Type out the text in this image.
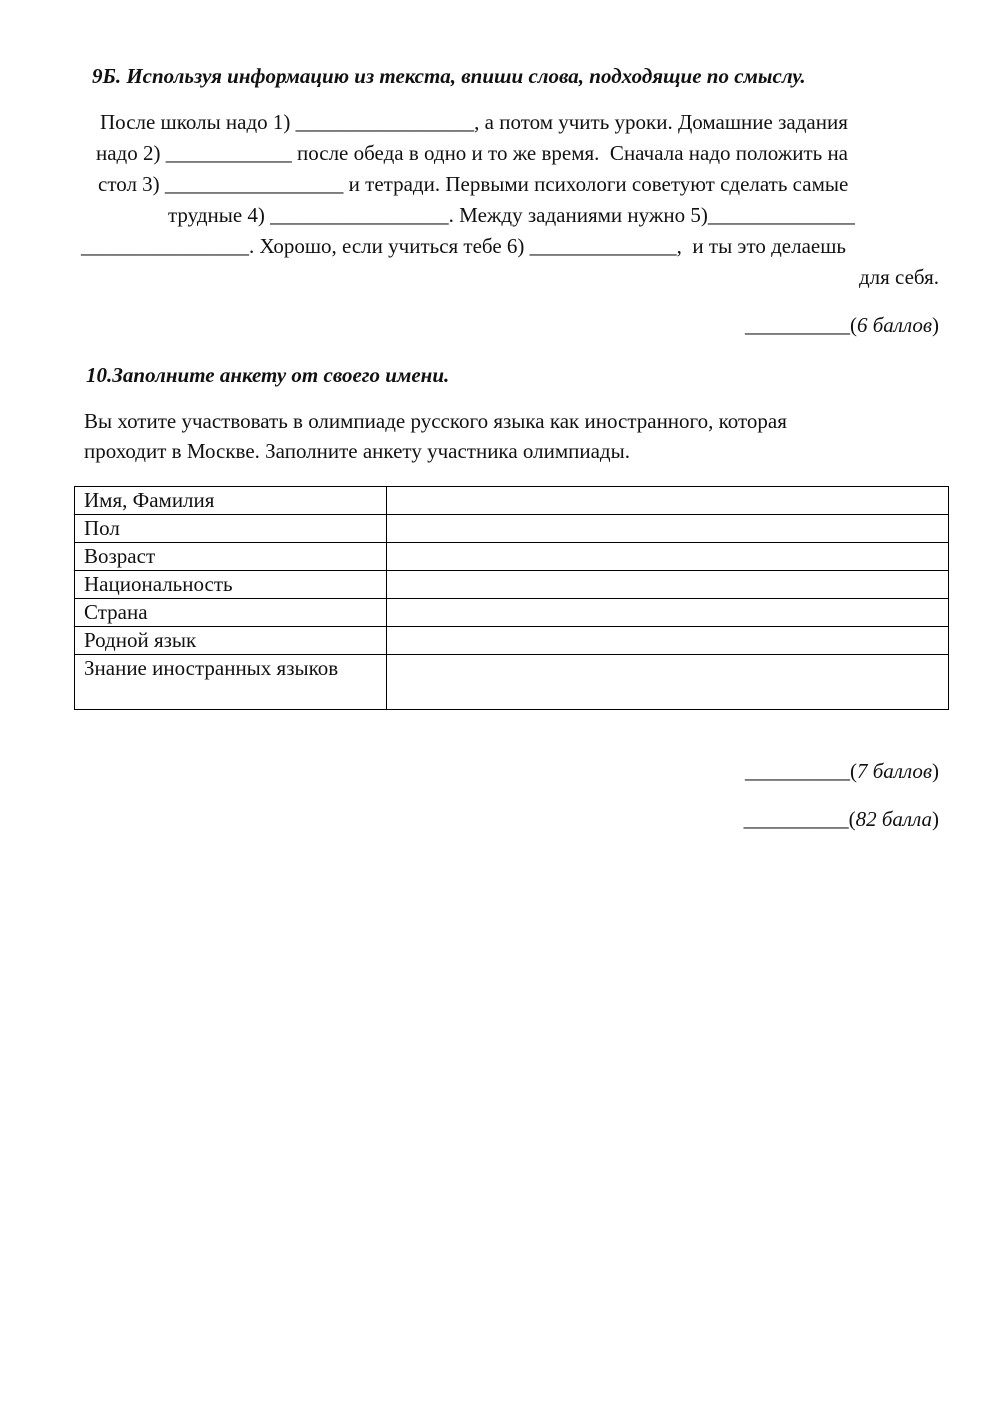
9Б. Используя информацию из текста, впиши слова, подходящие по смыслу.
После школы надо 1) _________________, а потом учить уроки. Домашние задания
надо 2) ____________ после обеда в одно и то же время.  Сначала надо положить на
стол 3) _________________ и тетради. Первыми психологи советуют сделать самые
трудные 4) _________________. Между заданиями нужно 5)______________
________________. Хорошо, если учиться тебе 6) ______________,  и ты это делаешь
для себя.
__________(6 баллов)
10.Заполните анкету от своего имени.
Вы хотите участвовать в олимпиаде русского языка как иностранного, которая
проходит в Москве. Заполните анкету участника олимпиады.
Имя, Фамилия	
Пол	
Возраст	
Национальность	
Страна	
Родной язык	
Знание иностранных языков	
__________(7 баллов)
__________(82 балла)
